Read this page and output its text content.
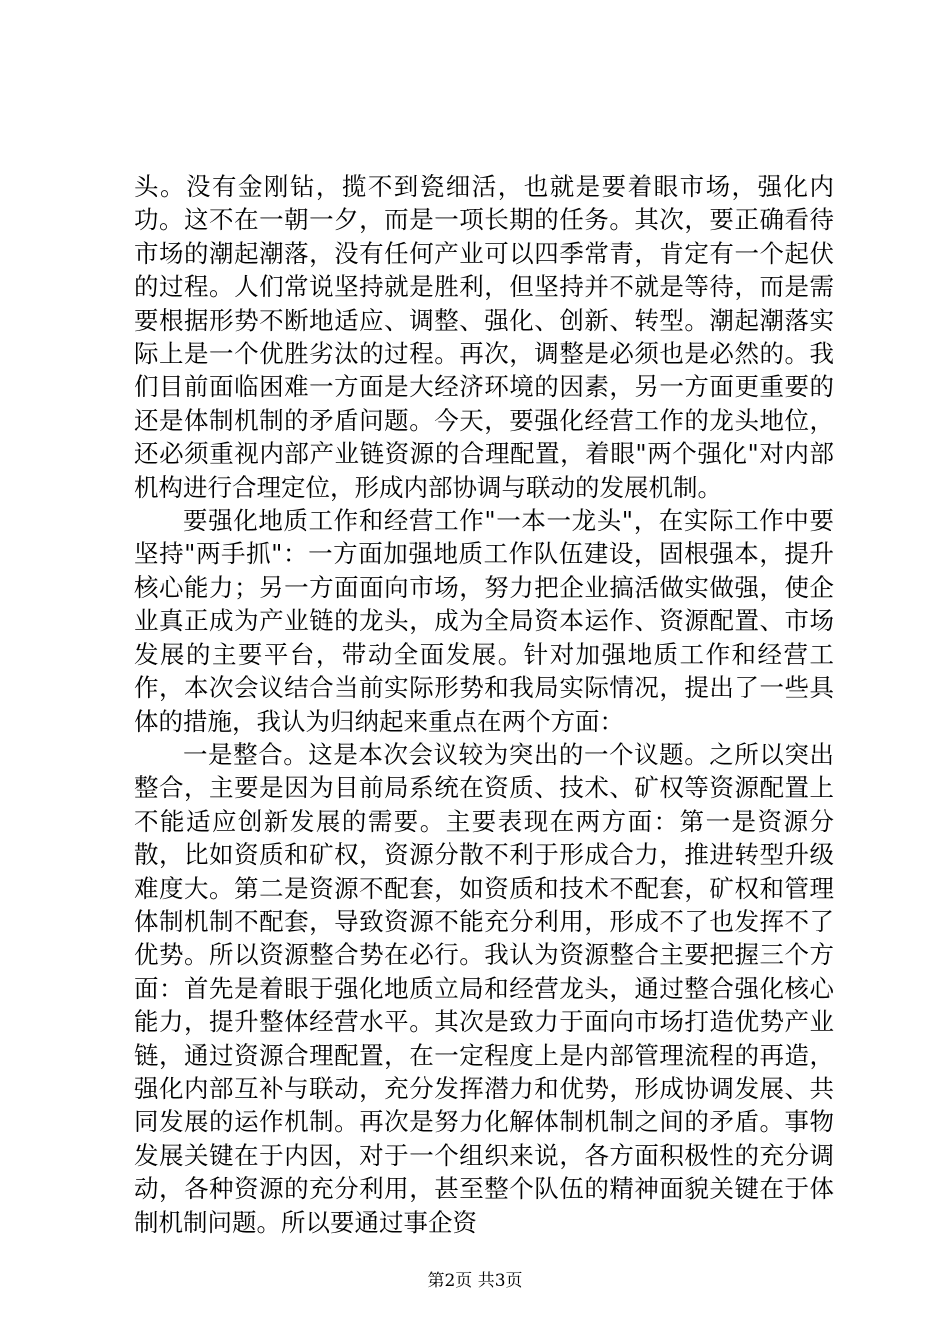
头。没有金刚钻，揽不到瓷细活，也就是要着眼市场，强化内功。这不在一朝一夕，而是一项长期的任务。其次，要正确看待市场的潮起潮落，没有任何产业可以四季常青，肯定有一个起伏的过程。人们常说坚持就是胜利，但坚持并不就是等待，而是需要根据形势不断地适应、调整、强化、创新、转型。潮起潮落实际上是一个优胜劣汰的过程。再次，调整是必须也是必然的。我们目前面临困难一方面是大经济环境的因素，另一方面更重要的还是体制机制的矛盾问题。今天，要强化经营工作的龙头地位，还必须重视内部产业链资源的合理配置，着眼"两个强化"对内部机构进行合理定位，形成内部协调与联动的发展机制。

要强化地质工作和经营工作"一本一龙头"，在实际工作中要坚持"两手抓"：一方面加强地质工作队伍建设，固根强本，提升核心能力；另一方面面向市场，努力把企业搞活做实做强，使企业真正成为产业链的龙头，成为全局资本运作、资源配置、市场发展的主要平台，带动全面发展。针对加强地质工作和经营工作，本次会议结合当前实际形势和我局实际情况，提出了一些具体的措施，我认为归纳起来重点在两个方面：

一是整合。这是本次会议较为突出的一个议题。之所以突出整合，主要是因为目前局系统在资质、技术、矿权等资源配置上不能适应创新发展的需要。主要表现在两方面：第一是资源分散，比如资质和矿权，资源分散不利于形成合力，推进转型升级难度大。第二是资源不配套，如资质和技术不配套，矿权和管理体制机制不配套，导致资源不能充分利用，形成不了也发挥不了优势。所以资源整合势在必行。我认为资源整合主要把握三个方面：首先是着眼于强化地质立局和经营龙头，通过整合强化核心能力，提升整体经营水平。其次是致力于面向市场打造优势产业链，通过资源合理配置，在一定程度上是内部管理流程的再造，强化内部互补与联动，充分发挥潜力和优势，形成协调发展、共同发展的运作机制。再次是努力化解体制机制之间的矛盾。事物发展关键在于内因，对于一个组织来说，各方面积极性的充分调动，各种资源的充分利用，甚至整个队伍的精神面貌关键在于体制机制问题。所以要通过事企资

第2页 共3页
